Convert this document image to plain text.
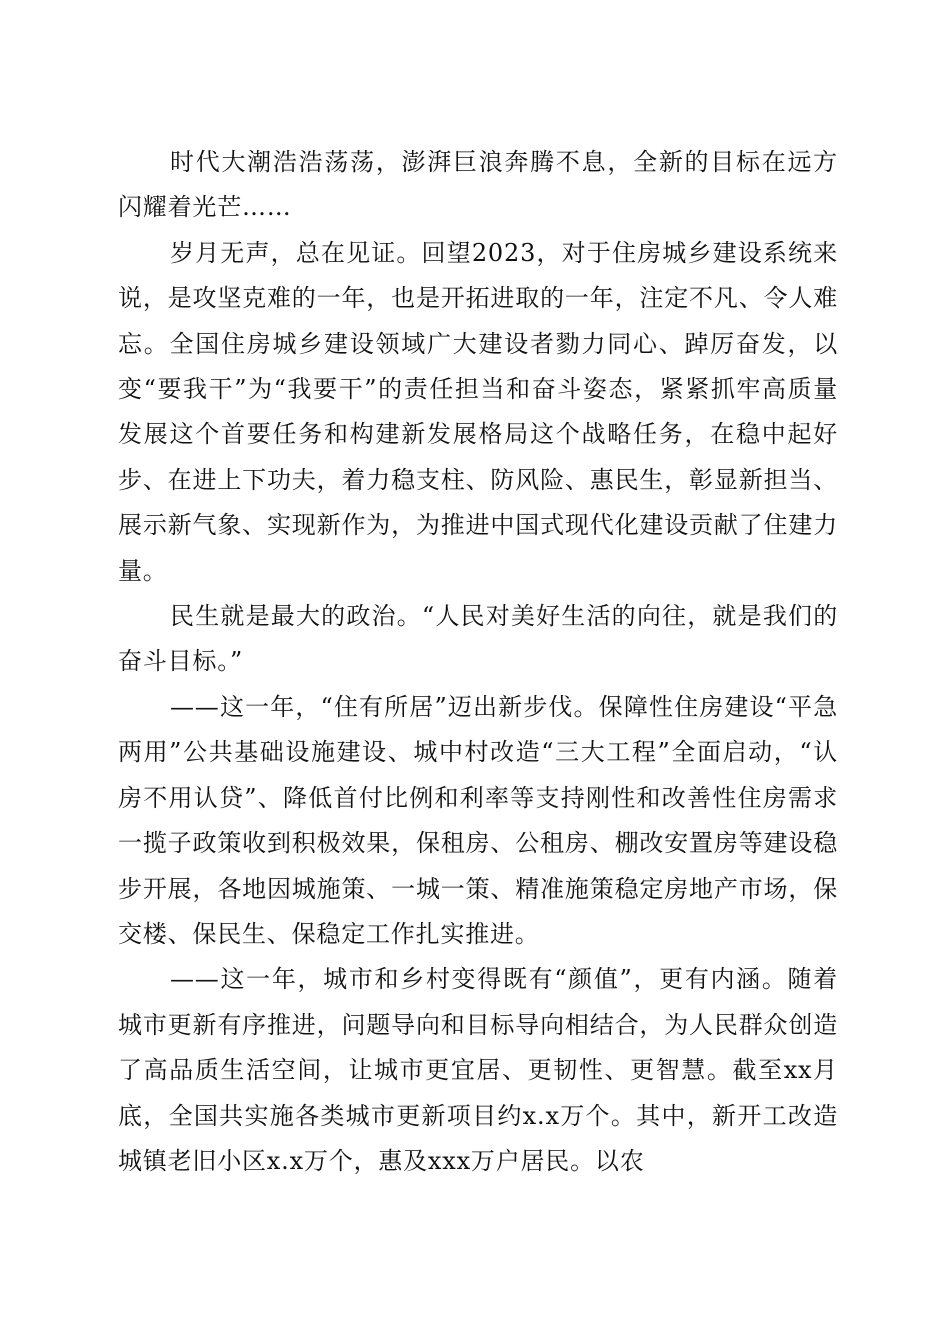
时代大潮浩浩荡荡，澎湃巨浪奔腾不息，全新的目标在远方闪耀着光芒……

岁月无声，总在见证。回望2023，对于住房城乡建设系统来说，是攻坚克难的一年，也是开拓进取的一年，注定不凡、令人难忘。全国住房城乡建设领域广大建设者勠力同心、踔厉奋发，以变“要我干”为“我要干”的责任担当和奋斗姿态，紧紧抓牢高质量发展这个首要任务和构建新发展格局这个战略任务，在稳中起好步、在进上下功夫，着力稳支柱、防风险、惠民生，彰显新担当、展示新气象、实现新作为，为推进中国式现代化建设贡献了住建力量。

民生就是最大的政治。“人民对美好生活的向往，就是我们的奋斗目标。”

——这一年，“住有所居”迈出新步伐。保障性住房建设“平急两用”公共基础设施建设、城中村改造“三大工程”全面启动，“认房不用认贷”、降低首付比例和利率等支持刚性和改善性住房需求一揽子政策收到积极效果，保租房、公租房、棚改安置房等建设稳步开展，各地因城施策、一城一策、精准施策稳定房地产市场，保交楼、保民生、保稳定工作扎实推进。

——这一年，城市和乡村变得既有“颜值”，更有内涵。随着城市更新有序推进，问题导向和目标导向相结合，为人民群众创造了高品质生活空间，让城市更宜居、更韧性、更智慧。截至xx月底，全国共实施各类城市更新项目约x.x万个。其中，新开工改造城镇老旧小区x.x万个，惠及xxx万户居民。以农
